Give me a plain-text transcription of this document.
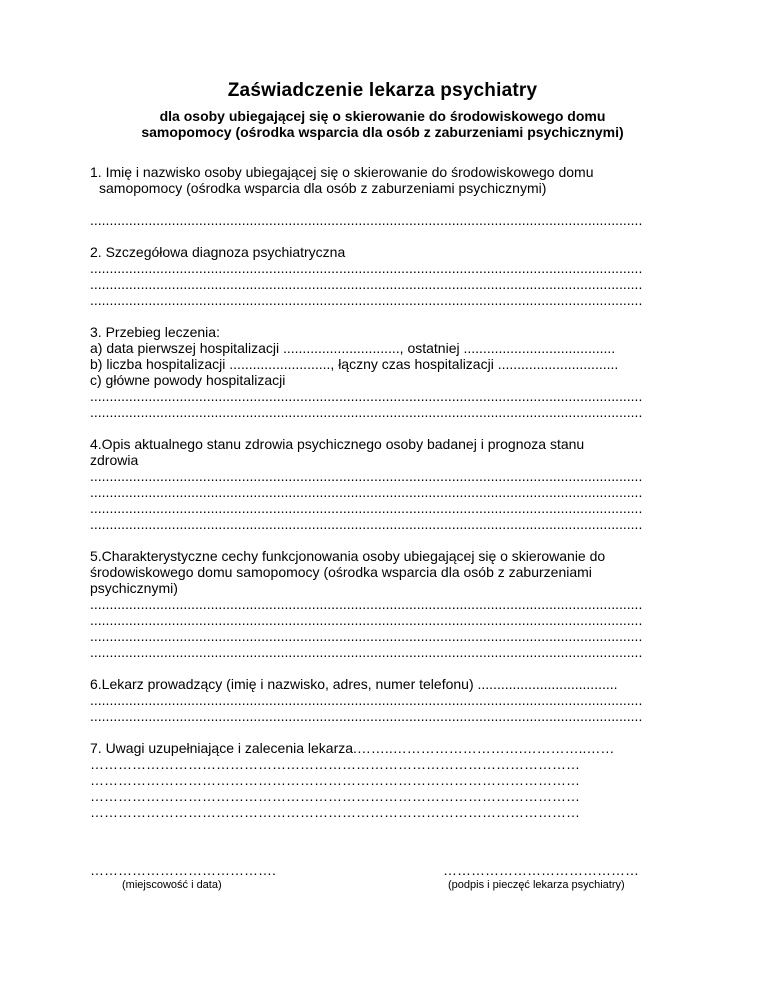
Zaświadczenie lekarza psychiatry
dla osoby ubiegającej się o skierowanie do środowiskowego domu
samopomocy (ośrodka wsparcia dla osób z zaburzeniami psychicznymi)
1. Imię i nazwisko osoby ubiegającej się o skierowanie do środowiskowego domu
samopomocy (ośrodka wsparcia dla osób z zaburzeniami psychicznymi)
..............................................................................................................................................
2. Szczegółowa diagnoza psychiatryczna
..............................................................................................................................................
..............................................................................................................................................
..............................................................................................................................................
3. Przebieg leczenia:
a) data pierwszej hospitalizacji .............................., ostatniej .......................................
b) liczba hospitalizacji .........................., łączny czas hospitalizacji ...............................
c) główne powody hospitalizacji
..............................................................................................................................................
..............................................................................................................................................
4.Opis aktualnego stanu zdrowia psychicznego osoby badanej i prognoza stanu
zdrowia
..............................................................................................................................................
..............................................................................................................................................
..............................................................................................................................................
..............................................................................................................................................
5.Charakterystyczne cechy funkcjonowania osoby ubiegającej się o skierowanie do
środowiskowego domu samopomocy (ośrodka wsparcia dla osób z zaburzeniami
psychicznymi)
..............................................................................................................................................
..............................................................................................................................................
..............................................................................................................................................
..............................................................................................................................................
6.Lekarz prowadzący (imię i nazwisko, adres, numer telefonu) ....................................
..............................................................................................................................................
..............................................................................................................................................
7. Uwagi uzupełniające i zalecenia lekarza.……..……………………….…………..……
……………………………………………………………………………………………
……………………………………………………………………………………………
……………………………………………………………………………………………
……………………………………………………………………………………………
………………………………….
(miejscowość i data)
……………………………………
(podpis i pieczęć lekarza psychiatry)
